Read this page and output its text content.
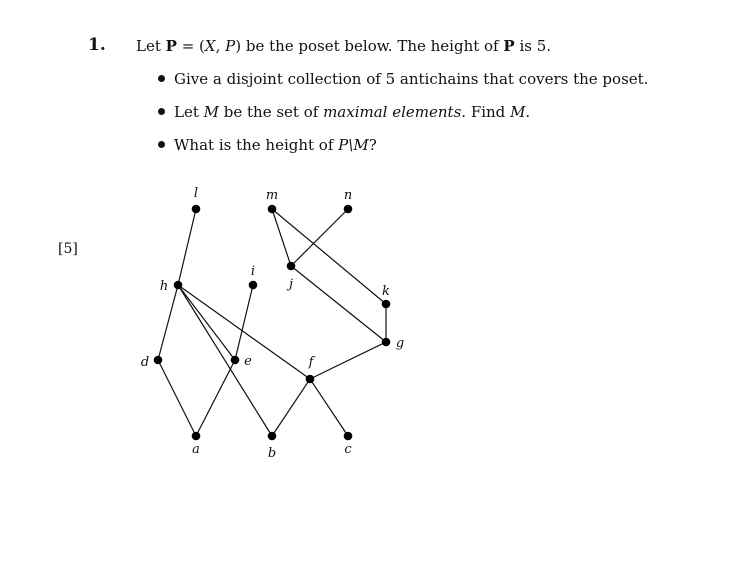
1. Let P = (X, P) be the poset below. The height of P is 5.
Give a disjoint collection of 5 antichains that covers the poset.
Let M be the set of maximal elements. Find M.
What is the height of P\M?
[5]
a	b	c
d	e	f
g
h
i
j	k
l	m	n
